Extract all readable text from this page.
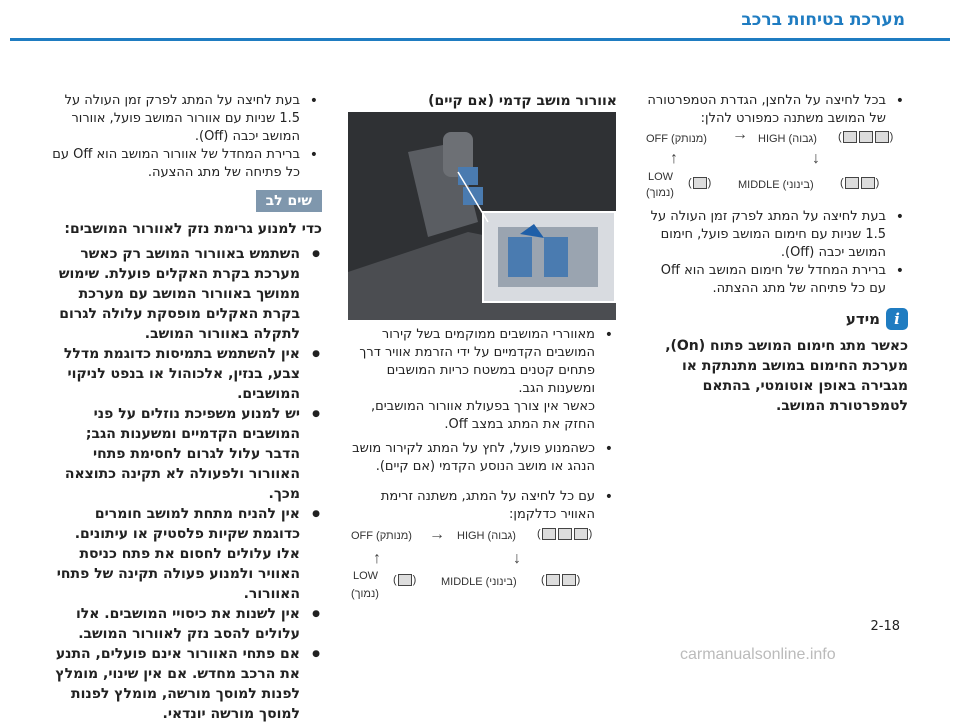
מערכת בטיחות ברכב

• בכל לחיצה על הלחצן, הגדרת הטמפרטורה של המושב משתנה כמפורט להלן:

OFF (מנותק) → HIGH (גבוה) (	)
↑	↓
LOW
(נמוך)
( ) MIDDLE (בינוני) (	)

• בעת לחיצה על המתג לפרק זמן העולה על 1.5 שניות עם חימום המושב פועל, חימום המושב יכבה (Off).

• ברירת המחדל של חימום המושב הוא Off עם כל פתיחה של מתג ההצתה.

i
מידע

כאשר מתג חימום המושב פתוח (On), מערכת החימום במושב מתנתקת או מגבירה באופן אוטומטי, בהתאם לטמפרטורת המושב.

אוורור מושב קדמי (אם קיים)

• מאווררי המושבים ממוקמים בשל קירור המושבים הקדמיים על ידי הזרמת אוויר דרך פתחים קטנים במשטח כריות המושבים ומשענות הגב.

כאשר אין צורך בפעולת אוורור המושבים, החזק את המתג במצב Off.

• כשהמנוע פועל, לחץ על המתג לקירור מושב הנהג או מושב הנוסע הקדמי (אם קיים).

• עם כל לחיצה על המתג, משתנה זרימת האוויר כדלקמן:

OFF (מנותק) → HIGH (גבוה) (	)
↑	↓
LOW
(נמוך)
( ) MIDDLE (בינוני) (	)

• בעת לחיצה על המתג לפרק זמן העולה על 1.5 שניות עם אוורור המושב פועל, אוורור המושב יכבה (Off).

• ברירת המחדל של אוורור המושב הוא Off עם כל פתיחה של מתג ההצעה.

שים לב

כדי למנוע גרימת נזק לאוורור המושבים:

● השתמש באוורור המושב רק כאשר מערכת בקרת האקלים פועלת. שימוש ממושך באוורור המושב עם מערכת בקרת האקלים מופסקת עלולה לגרום לתקלה באוורור המושב.

● אין להשתמש בתמיסות כדוגמת מדלל צבע, בנזין, אלכוהול או בנפט לניקוי המושבים.

● יש למנוע משפיכת נוזלים על פני המושבים הקדמיים ומשענות הגב; הדבר עלול לגרום לחסימת פתחי האוורור ולפעולה לא תקינה כתוצאה מכך.

● אין להניח מתחת למושב חומרים כדוגמת שקיות פלסטיק או עיתונים. אלו עלולים לחסום את פתח כניסת האוויר ולמנוע פעולה תקינה של פתחי האוורור.

● אין לשנות את כיסויי המושבים. אלו עלולים להסב נזק לאוורור המושב.

● אם פתחי האוורור אינם פועלים, התנע את הרכב מחדש. אם אין שינוי, מומלץ לפנות למוסך מורשה, מומלץ לפנות למוסך מורשה יונדאי.

2-18
carmanualsonline.info
